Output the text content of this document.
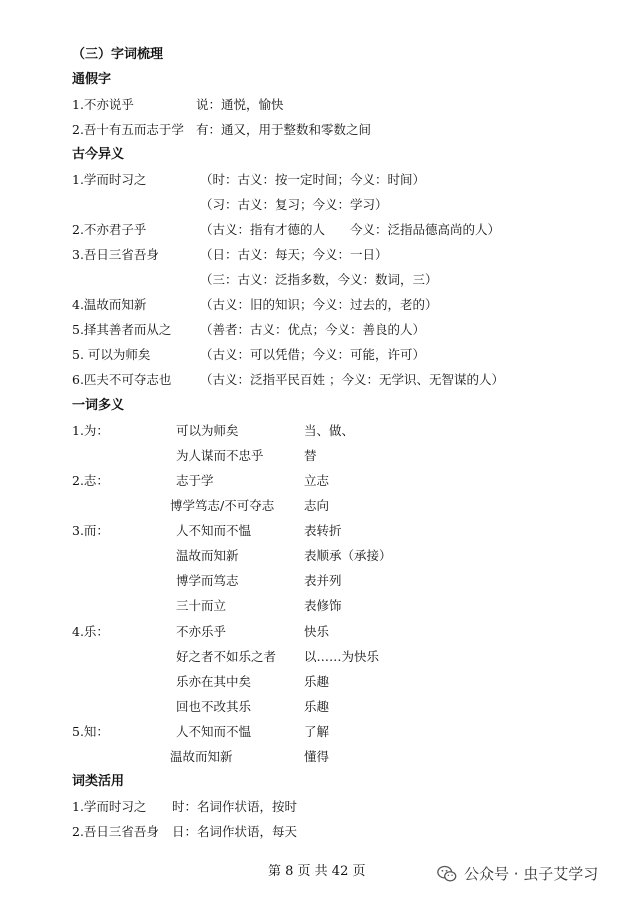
（三）字词梳理
通假字
1.不亦说乎	说：通悦，愉快
2.吾十有五而志于学 有：通又，用于整数和零数之间
古今异义
1.学而时习之	（时：古义：按一定时间；今义：时间）
（习：古义：复习；今义：学习）
2.不亦君子乎	（古义：指有才德的人　　今义：泛指品德高尚的人）
3.吾日三省吾身	（日：古义：每天；今义：一日）
（三：古义：泛指多数，今义：数词，三）
4.温故而知新	（古义：旧的知识；今义：过去的，老的）
5.择其善者而从之 （善者：古义：优点；今义：善良的人）
5. 可以为师矣	（古义：可以凭借；今义：可能，许可）
6.匹夫不可夺志也 （古义：泛指平民百姓 ；今义：无学识、无智谋的人）
一词多义
1.为：	可以为师矣	当、做、
为人谋而不忠乎	替
2.志：	志于学	立志
博学笃志/不可夺志 志向
3.而：	人不知而不愠	表转折
温故而知新	表顺承（承接）
博学而笃志	表并列
三十而立	表修饰
4.乐：	不亦乐乎	快乐
好之者不如乐之者 以……为快乐
乐亦在其中矣	乐趣
回也不改其乐	乐趣
5.知：	人不知而不愠	了解
温故而知新	懂得
词类活用
1.学而时习之 时：名词作状语，按时
2.吾日三省吾身 日：名词作状语，每天
第 8 页 共 42 页	公众号 · 虫子艾学习
